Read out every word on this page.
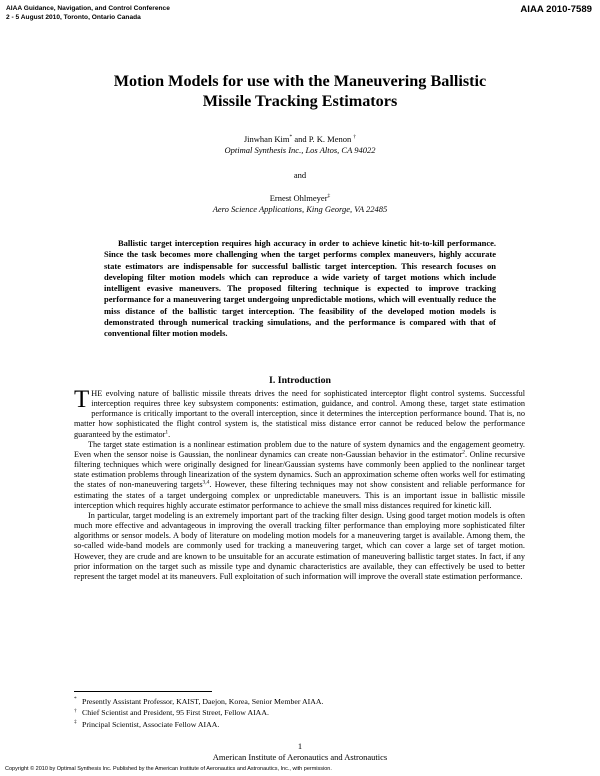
AIAA Guidance, Navigation, and Control Conference
2 - 5 August 2010, Toronto, Ontario Canada
AIAA 2010-7589
Motion Models for use with the Maneuvering Ballistic
Missile Tracking Estimators
Jinwhan Kim* and P. K. Menon †
Optimal Synthesis Inc., Los Altos, CA 94022
and
Ernest Ohlmeyer‡
Aero Science Applications, King George, VA 22485

Ballistic target interception requires high accuracy in order to achieve kinetic hit-to-kill performance. Since the task becomes more challenging when the target performs complex maneuvers, highly accurate state estimators are indispensable for successful ballistic target interception. This research focuses on developing filter motion models which can reproduce a wide variety of target motions which include intelligent evasive maneuvers. The proposed filtering technique is expected to improve tracking performance for a maneuvering target undergoing unpredictable motions, which will eventually reduce the miss distance of the ballistic target interception. The feasibility of the developed motion models is demonstrated through numerical tracking simulations, and the performance is compared with that of conventional filter motion models.

I. Introduction

THE evolving nature of ballistic missile threats drives the need for sophisticated interceptor flight control systems. Successful interception requires three key subsystem components: estimation, guidance, and control. Among these, target state estimation performance is critically important to the overall interception, since it determines the interception performance bound. That is, no matter how sophisticated the flight control system is, the statistical miss distance error cannot be reduced below the performance guaranteed by the estimator$^1$.

The target state estimation is a nonlinear estimation problem due to the nature of system dynamics and the engagement geometry. Even when the sensor noise is Gaussian, the nonlinear dynamics can create non-Gaussian behavior in the estimator$^2$. Online recursive filtering techniques which were originally designed for linear/Gaussian systems have commonly been applied to the nonlinear target state estimation problems through linearization of the system dynamics. Such an approximation scheme often works well for estimating the states of non-maneuvering targets$^{3,4}$. However, these filtering techniques may not show consistent and reliable performance for estimating the states of a target undergoing complex or unpredictable maneuvers. This is an important issue in ballistic missile interception which requires highly accurate estimator performance to achieve the small miss distances required for kinetic kill.

In particular, target modeling is an extremely important part of the tracking filter design. Using good target motion models is often much more effective and advantageous in improving the overall tracking filter performance than employing more sophisticated filter algorithms or sensor models. A body of literature on modeling motion models for a maneuvering target is available. Among them, the so-called wide-band models are commonly used for tracking a maneuvering target, which can cover a large set of target motion. However, they are crude and are known to be unsuitable for an accurate estimation of maneuvering ballistic target states. In fact, if any prior information on the target such as missile type and dynamic characteristics are available, they can effectively be used to better represent the target model at its maneuvers. Full exploitation of such information will improve the overall state estimation performance.

* Presently Assistant Professor, KAIST, Daejon, Korea, Senior Member AIAA.
† Chief Scientist and President, 95 First Street, Fellow AIAA.
‡ Principal Scientist, Associate Fellow AIAA.
1
American Institute of Aeronautics and Astronautics
Copyright © 2010 by Optimal Synthesis Inc. Published by the American Institute of Aeronautics and Astronautics, Inc., with permission.
